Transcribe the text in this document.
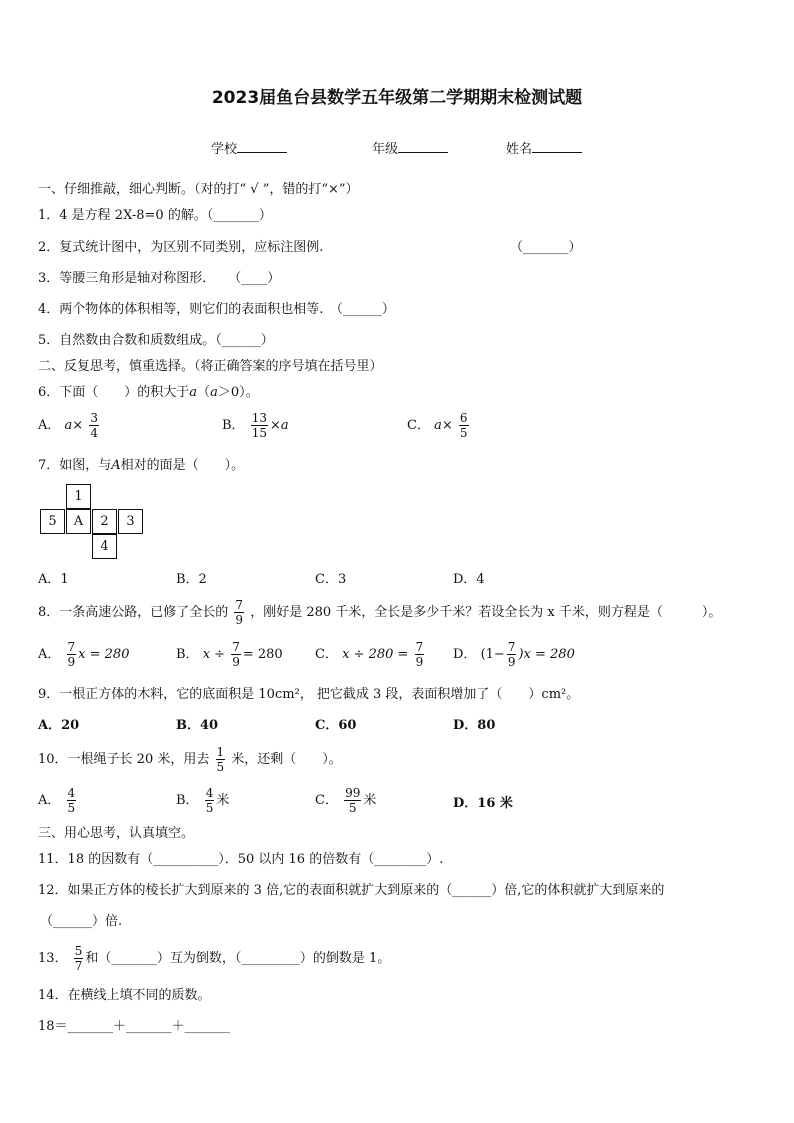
2023届鱼台县数学五年级第二学期期末检测试题
学校	年级	姓名
一、仔细推敲，细心判断。（对的打“ √ ”，错的打“×”）
1．4 是方程 2X-8=0 的解。（_______）
2．复式统计图中，为区别不同类别，应标注图例.	（_______）
3．等腰三角形是轴对称图形．　　（____）
4．两个物体的体积相等，则它们的表面积也相等.　（______）
5．自然数由合数和质数组成。（______）
二、反复思考，慎重选择。（将正确答案的序号填在括号里）
6．下面（　　）的积大于a（a＞0）。
A． $a\times \frac{3}{4}$	B． $\frac{13}{15} \times a$	C． $a\times \frac{6}{5}$
7．如图，与A相对的面是（　　）。
1
5	A	2	3
4
A．1	B．2	C．3	D．4
8．一条高速公路，已修了全长的 $\frac{7}{9}$ ，刚好是 280 千米，全长是多少千米？若设全长为 x 千米，则方程是（　　　）。
A． $\frac{7}{9}$ x = 280	B． $x \div \frac{7}{9} = 280$ C． $x \div 280 = \frac{7}{9}$ D． $(1- \frac{7}{9} )x = 280$
9．一根正方体的木料，它的底面积是 10cm²， 把它截成 3 段，表面积增加了（　　）cm²。
A．20	B．40	C．60	D．80
10．一根绳子长 20 米，用去 $\frac{1}{5}$ 米，还剩（　　）。
A． $\frac{4}{5}$	B． $\frac{4}{5}$ 米	C． $\frac{99}{5}$ 米	D．16 米
三、用心思考，认真填空。
11．18 的因数有（__________）．50 以内 16 的倍数有（________）.
12．如果正方体的棱长扩大到原来的 3 倍,它的表面积就扩大到原来的（______）倍,它的体积就扩大到原来的
（______）倍.
13． $\frac{5}{7}$ 和（_______）互为倒数，（_________）的倒数是 1。
14．在横线上填不同的质数。
18＝_______＋_______＋_______
